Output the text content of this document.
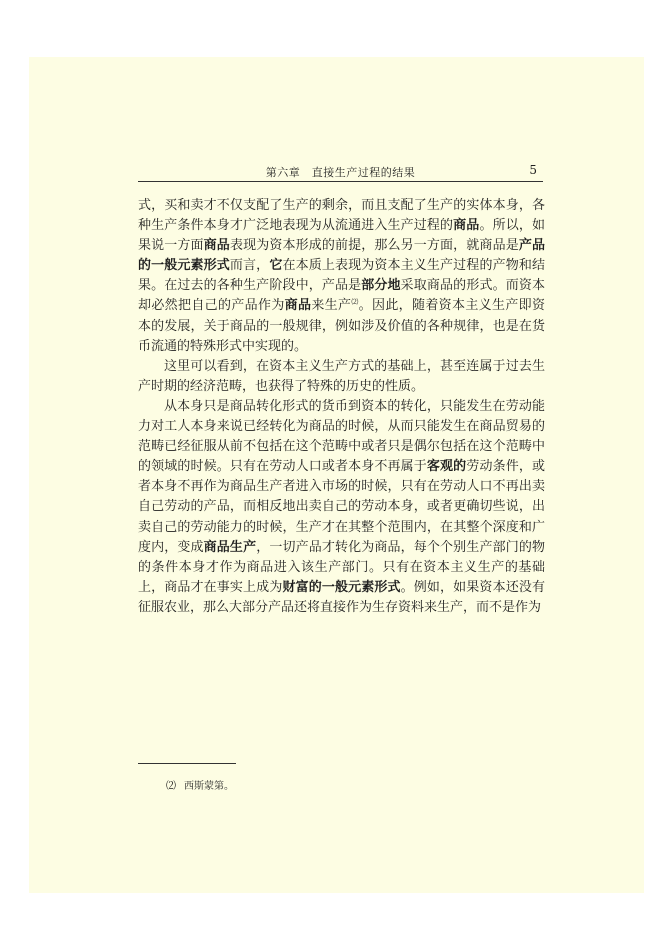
第六章　直接生产过程的结果	5

式，买和卖才不仅支配了生产的剩余，而且支配了生产的实体本身，各种生产条件本身才广泛地表现为从流通进入生产过程的商品。所以，如果说一方面商品表现为资本形成的前提，那么另一方面，就商品是产品的一般元素形式而言，它在本质上表现为资本主义生产过程的产物和结果。在过去的各种生产阶段中，产品是部分地采取商品的形式。而资本却必然把自己的产品作为商品来生产⑵。因此，随着资本主义生产即资本的发展，关于商品的一般规律，例如涉及价值的各种规律，也是在货币流通的特殊形式中实现的。

这里可以看到，在资本主义生产方式的基础上，甚至连属于过去生产时期的经济范畴，也获得了特殊的历史的性质。

从本身只是商品转化形式的货币到资本的转化，只能发生在劳动能力对工人本身来说已经转化为商品的时候，从而只能发生在商品贸易的范畴已经征服从前不包括在这个范畴中或者只是偶尔包括在这个范畴中的领域的时候。只有在劳动人口或者本身不再属于客观的劳动条件，或者本身不再作为商品生产者进入市场的时候，只有在劳动人口不再出卖自己劳动的产品，而相反地出卖自己的劳动本身，或者更确切些说，出卖自己的劳动能力的时候，生产才在其整个范围内，在其整个深度和广度内，变成商品生产，一切产品才转化为商品，每个个别生产部门的物的条件本身才作为商品进入该生产部门。只有在资本主义生产的基础上，商品才在事实上成为财富的一般元素形式。例如，如果资本还没有征服农业，那么大部分产品还将直接作为生存资料来生产，而不是作为

⑵ 西斯蒙第。
